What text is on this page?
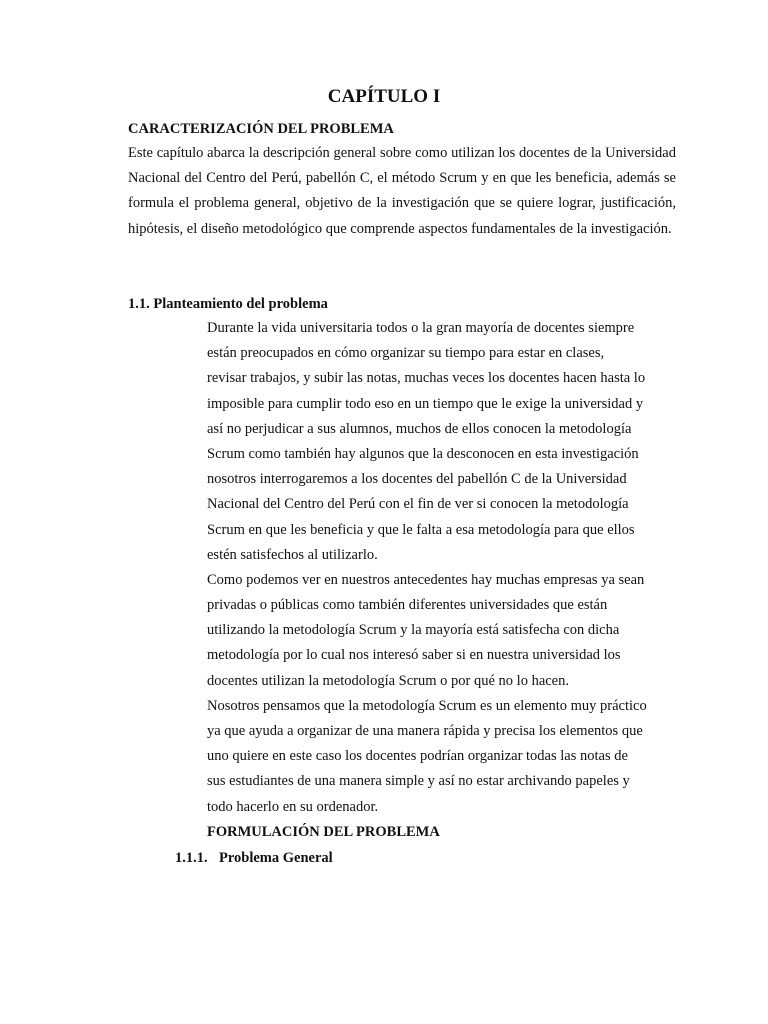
CAPÍTULO I
CARACTERIZACIÓN DEL PROBLEMA
Este capítulo abarca la descripción general sobre como utilizan los docentes de la Universidad Nacional del Centro del Perú, pabellón C, el método Scrum y en que les beneficia, además se formula el problema general, objetivo de la investigación que se quiere lograr, justificación, hipótesis, el diseño metodológico que comprende aspectos fundamentales de la investigación.
1.1. Planteamiento del problema
Durante la vida universitaria todos o la gran mayoría de docentes siempre
están preocupados en cómo organizar su tiempo para estar en clases,
revisar trabajos, y subir las notas, muchas veces los docentes hacen hasta lo
imposible para cumplir todo eso en un tiempo que le exige la universidad y
así no perjudicar a sus alumnos, muchos de ellos conocen la metodología
Scrum como también hay algunos que la desconocen en esta investigación
nosotros interrogaremos a los docentes del pabellón C de la Universidad
Nacional del Centro del Perú con el fin de ver si conocen la metodología
Scrum en que les beneficia y que le falta a esa metodología para que ellos
estén satisfechos al utilizarlo.
Como podemos ver en nuestros antecedentes hay muchas empresas ya sean
privadas o públicas como también diferentes universidades que están
utilizando la metodología Scrum y la mayoría está satisfecha con dicha
metodología por lo cual nos interesó saber si en nuestra universidad los
docentes utilizan la metodología Scrum o por qué no lo hacen.
Nosotros pensamos que la metodología Scrum es un elemento muy práctico
ya que ayuda a organizar de una manera rápida y precisa los elementos que
uno quiere en este caso los docentes podrían organizar todas las notas de
sus estudiantes de una manera simple y así no estar archivando papeles y
todo hacerlo en su ordenador.
FORMULACIÓN DEL PROBLEMA
1.1.1. Problema General
